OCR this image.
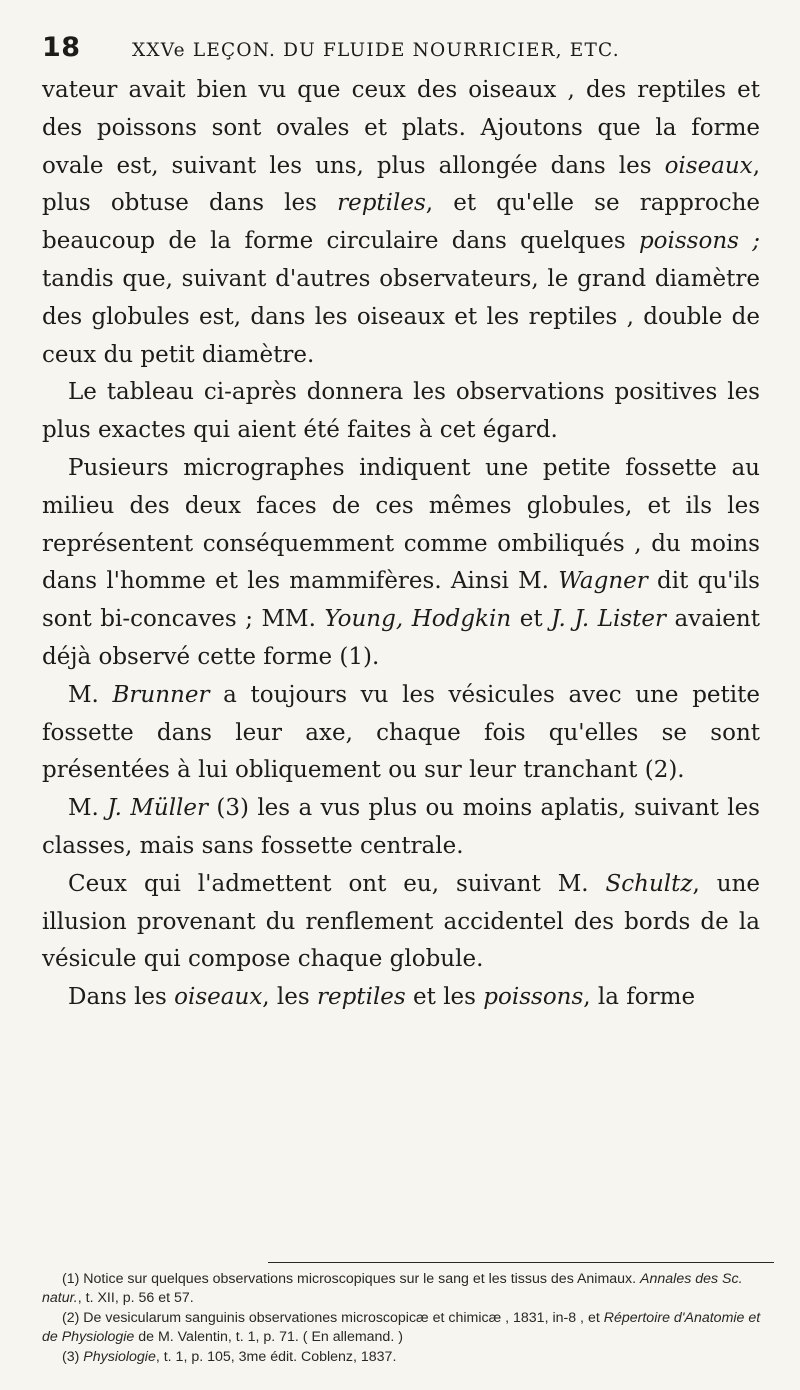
18	XXVe LEÇON. DU FLUIDE NOURRICIER, ETC.

vateur avait bien vu que ceux des oiseaux , des reptiles et des poissons sont ovales et plats. Ajoutons que la forme ovale est, suivant les uns, plus allongée dans les oiseaux, plus obtuse dans les reptiles, et qu'elle se rapproche beaucoup de la forme circulaire dans quelques poissons ; tandis que, suivant d'autres observateurs, le grand diamètre des globules est, dans les oiseaux et les reptiles , double de ceux du petit diamètre.

Le tableau ci-après donnera les observations positives les plus exactes qui aient été faites à cet égard.

Pusieurs micrographes indiquent une petite fossette au milieu des deux faces de ces mêmes globules, et ils les représentent conséquemment comme ombiliqués , du moins dans l'homme et les mammifères. Ainsi M. Wagner dit qu'ils sont bi-concaves ; MM. Young, Hodgkin et J. J. Lister avaient déjà observé cette forme (1).

M. Brunner a toujours vu les vésicules avec une petite fossette dans leur axe, chaque fois qu'elles se sont présentées à lui obliquement ou sur leur tranchant (2).

M. J. Müller (3) les a vus plus ou moins aplatis, suivant les classes, mais sans fossette centrale.

Ceux qui l'admettent ont eu, suivant M. Schultz, une illusion provenant du renflement accidentel des bords de la vésicule qui compose chaque globule.

Dans les oiseaux, les reptiles et les poissons, la forme

(1) Notice sur quelques observations microscopiques sur le sang et les tissus des Animaux. Annales des Sc. natur., t. XII, p. 56 et 57.

(2) De vesicularum sanguinis observationes microscopicæ et chimicæ , 1831, in-8 , et Répertoire d'Anatomie et de Physiologie de M. Valentin, t. 1, p. 71. ( En allemand. )

(3) Physiologie, t. 1, p. 105, 3me édit. Coblenz, 1837.
